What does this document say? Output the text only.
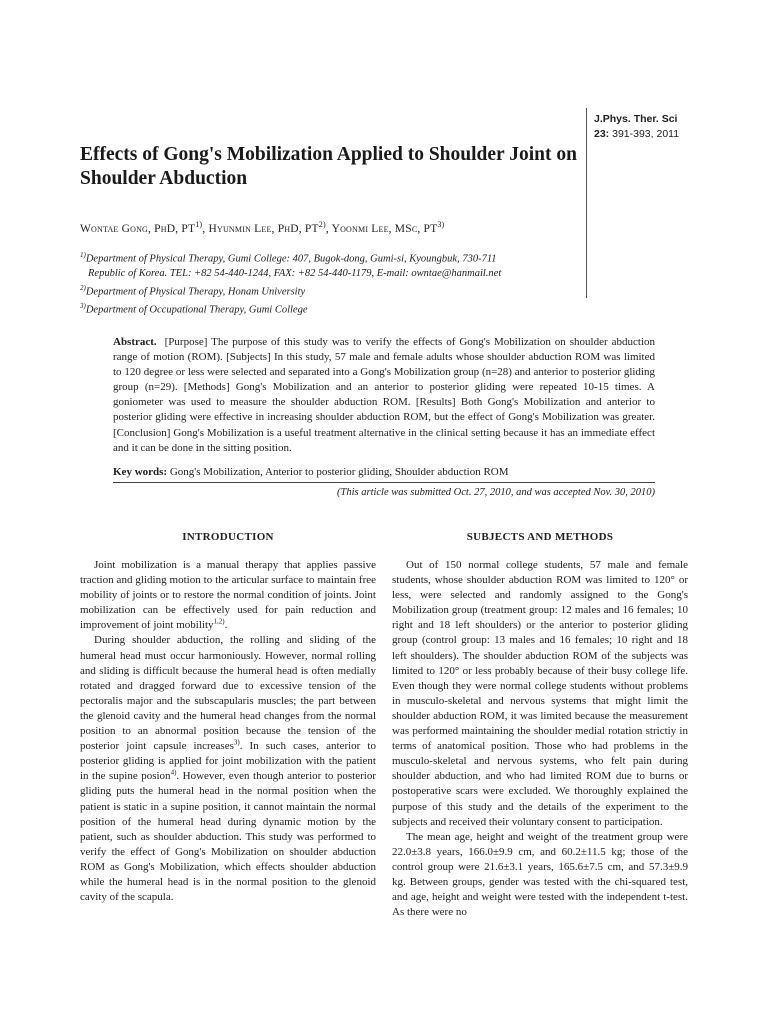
J.Phys. Ther. Sci
23: 391-393, 2011
Effects of Gong's Mobilization Applied to Shoulder Joint on Shoulder Abduction
Wontae Gong, PhD, PT$^{1)}$, Hyunmin Lee, PhD, PT$^{2)}$, Yoonmi Lee, MSc, PT$^{3)}$
$^{1)}$Department of Physical Therapy, Gumi College: 407, Bugok-dong, Gumi-si, Kyoungbuk, 730-711
Republic of Korea. TEL: +82 54-440-1244, FAX: +82 54-440-1179, E-mail: owntae@hanmail.net
$^{2)}$Department of Physical Therapy, Honam University
$^{3)}$Department of Occupational Therapy, Gumi College
Abstract. [Purpose] The purpose of this study was to verify the effects of Gong's Mobilization on shoulder abduction range of motion (ROM). [Subjects] In this study, 57 male and female adults whose shoulder abduction ROM was limited to 120 degree or less were selected and separated into a Gong's Mobilization group (n=28) and anterior to posterior gliding group (n=29). [Methods] Gong's Mobilization and an anterior to posterior gliding were repeated 10-15 times. A goniometer was used to measure the shoulder abduction ROM. [Results] Both Gong's Mobilization and anterior to posterior gliding were effective in increasing shoulder abduction ROM, but the effect of Gong's Mobilization was greater. [Conclusion] Gong's Mobilization is a useful treatment alternative in the clinical setting because it has an immediate effect and it can be done in the sitting position.
Key words: Gong's Mobilization, Anterior to posterior gliding, Shoulder abduction ROM
(This article was submitted Oct. 27, 2010, and was accepted Nov. 30, 2010)
INTRODUCTION	SUBJECTS AND METHODS

Joint mobilization is a manual therapy that applies passive traction and gliding motion to the articular surface to maintain free mobility of joints or to restore the normal condition of joints. Joint mobilization can be effectively used for pain reduction and improvement of joint mobility$^{1,2)}$.

During shoulder abduction, the rolling and sliding of the humeral head must occur harmoniously. However, normal rolling and sliding is difficult because the humeral head is often medially rotated and dragged forward due to excessive tension of the pectoralis major and the subscapularis muscles; the part between the glenoid cavity and the humeral head changes from the normal position to an abnormal position because the tension of the posterior joint capsule increases$^{3)}$. In such cases, anterior to posterior gliding is applied for joint mobilization with the patient in the supine posion$^{4)}$. However, even though anterior to posterior gliding puts the humeral head in the normal position when the patient is static in a supine position, it cannot maintain the normal position of the humeral head during dynamic motion by the patient, such as shoulder abduction. This study was performed to verify the effect of Gong's Mobilization on shoulder abduction ROM as Gong's Mobilization, which effects shoulder abduction while the humeral head is in the normal position to the glenoid cavity of the scapula.

Out of 150 normal college students, 57 male and female students, whose shoulder abduction ROM was limited to 120° or less, were selected and randomly assigned to the Gong's Mobilization group (treatment group: 12 males and 16 females; 10 right and 18 left shoulders) or the anterior to posterior gliding group (control group: 13 males and 16 females; 10 right and 18 left shoulders). The shoulder abduction ROM of the subjects was limited to 120° or less probably because of their busy college life. Even though they were normal college students without problems in musculo-skeletal and nervous systems that might limit the shoulder abduction ROM, it was limited because the measurement was performed maintaining the shoulder medial rotation strictiy in terms of anatomical position. Those who had problems in the musculo-skeletal and nervous systems, who felt pain during shoulder abduction, and who had limited ROM due to burns or postoperative scars were excluded. We thoroughly explained the purpose of this study and the details of the experiment to the subjects and received their voluntary consent to participation.

The mean age, height and weight of the treatment group were 22.0±3.8 years, 166.0±9.9 cm, and 60.2±11.5 kg; those of the control group were 21.6±3.1 years, 165.6±7.5 cm, and 57.3±9.9 kg. Between groups, gender was tested with the chi-squared test, and age, height and weight were tested with the independent t-test. As there were no
